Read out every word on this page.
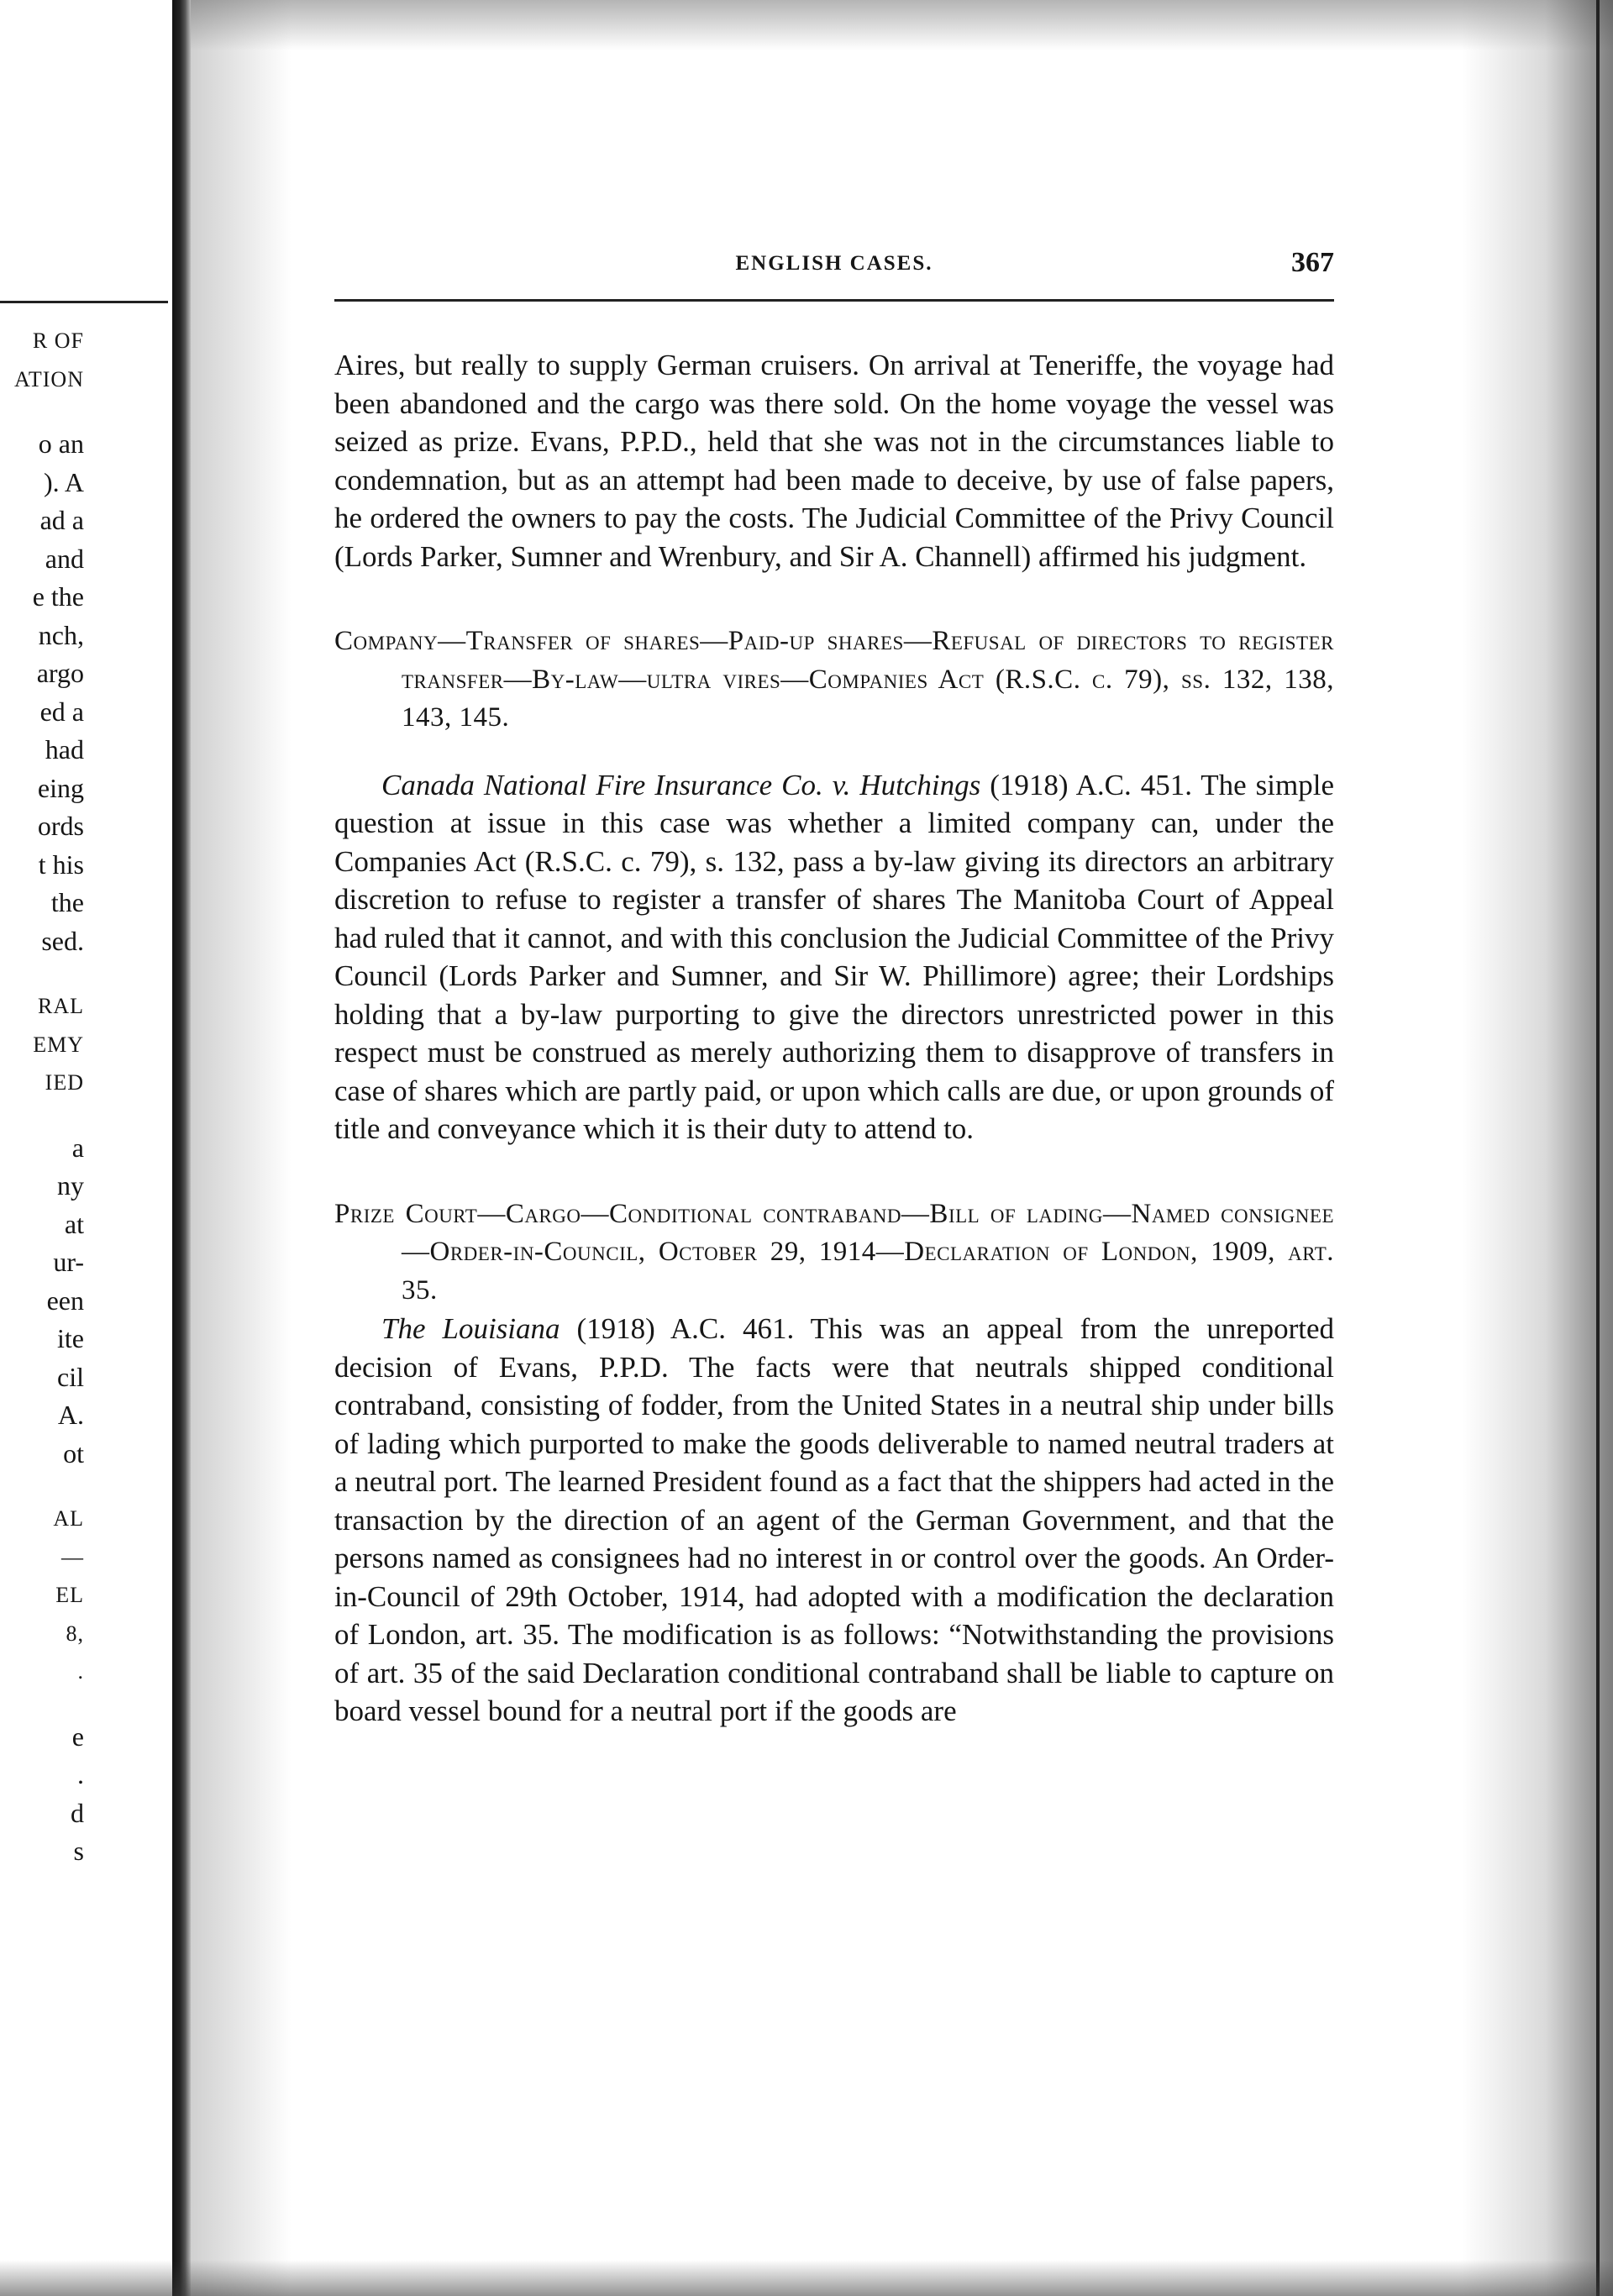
R OF
ATION
o an
). A
ad a
and
e the
nch,
argo
ed a
had
eing
ords
t his
the
sed.
RAL
EMY
IED
a
ny
at
ur-
een
ite
cil
A.
ot
AL
—
EL
8,
.
e
.
d
s
ENGLISH CASES.	367

Aires, but really to supply German cruisers. On arrival at Teneriffe, the voyage had been abandoned and the cargo was there sold. On the home voyage the vessel was seized as prize. Evans, P.P.D., held that she was not in the circumstances liable to condemnation, but as an attempt had been made to deceive, by use of false papers, he ordered the owners to pay the costs. The Judicial Committee of the Privy Council (Lords Parker, Sumner and Wrenbury, and Sir A. Channell) affirmed his judgment.

Company—Transfer of shares—Paid-up shares—Refusal of directors to register transfer—By-law—ultra vires—Companies Act (R.S.C. c. 79), ss. 132, 138, 143, 145.

Canada National Fire Insurance Co. v. Hutchings (1918) A.C. 451. The simple question at issue in this case was whether a limited company can, under the Companies Act (R.S.C. c. 79), s. 132, pass a by-law giving its directors an arbitrary discretion to refuse to register a transfer of shares The Manitoba Court of Appeal had ruled that it cannot, and with this conclusion the Judicial Committee of the Privy Council (Lords Parker and Sumner, and Sir W. Phillimore) agree; their Lordships holding that a by-law purporting to give the directors unrestricted power in this respect must be construed as merely authorizing them to disapprove of transfers in case of shares which are partly paid, or upon which calls are due, or upon grounds of title and conveyance which it is their duty to attend to.

Prize Court—Cargo—Conditional contraband—Bill of lading—Named consignee—Order-in-Council, October 29, 1914—Declaration of London, 1909, art. 35.

The Louisiana (1918) A.C. 461. This was an appeal from the unreported decision of Evans, P.P.D. The facts were that neutrals shipped conditional contraband, consisting of fodder, from the United States in a neutral ship under bills of lading which purported to make the goods deliverable to named neutral traders at a neutral port. The learned President found as a fact that the shippers had acted in the transaction by the direction of an agent of the German Government, and that the persons named as consignees had no interest in or control over the goods. An Order-in-Council of 29th October, 1914, had adopted with a modification the declaration of London, art. 35. The modification is as follows: “Notwithstanding the provisions of art. 35 of the said Declaration conditional contraband shall be liable to capture on board vessel bound for a neutral port if the goods are
